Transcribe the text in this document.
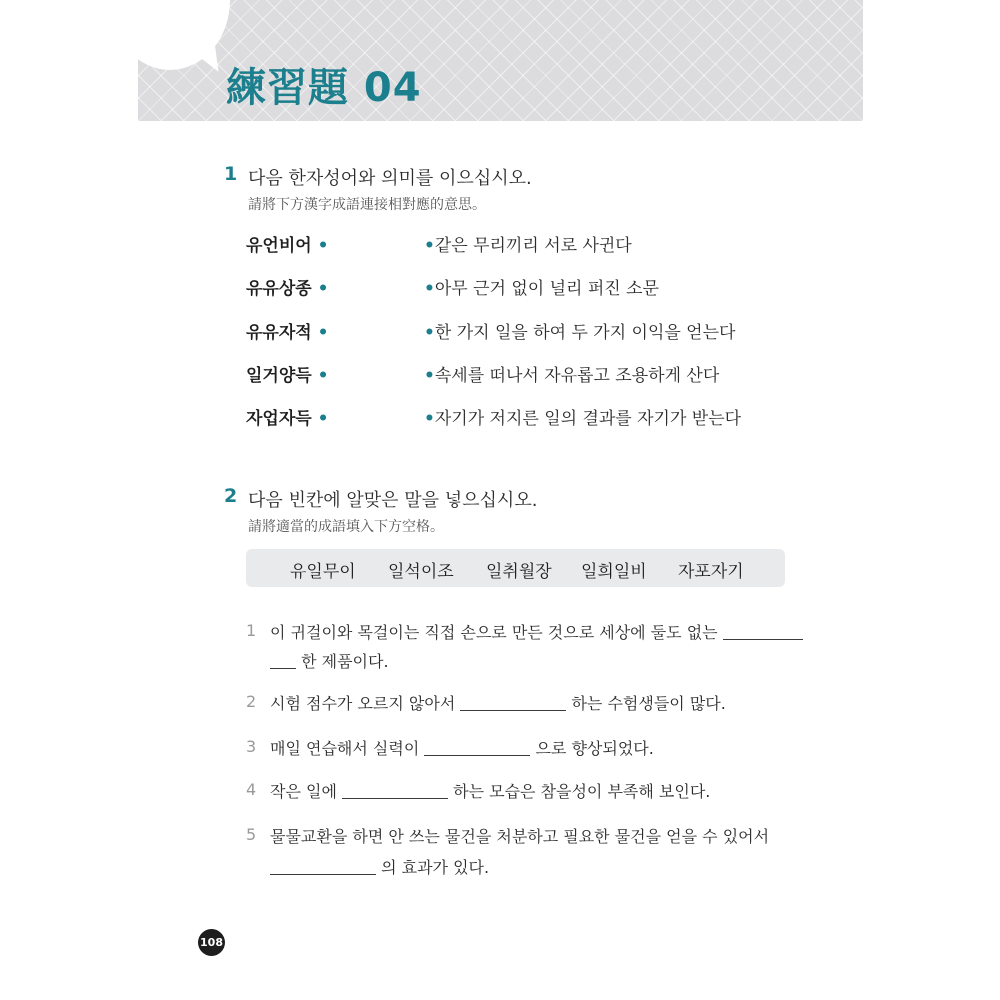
練習題 04
1 다음 한자성어와 의미를 이으십시오.
請將下方漢字成語連接相對應的意思。
유언비어 •	•같은 무리끼리 서로 사귄다
유유상종 •	•아무 근거 없이 널리 퍼진 소문
유유자적 •	•한 가지 일을 하여 두 가지 이익을 얻는다
일거양득 •	•속세를 떠나서 자유롭고 조용하게 산다
자업자득 •	•자기가 저지른 일의 결과를 자기가 받는다
2 다음 빈칸에 알맞은 말을 넣으십시오.
請將適當的成語填入下方空格。
유일무이 일석이조 일취월장 일희일비 자포자기
1 이 귀걸이와 목걸이는 직접 손으로 만든 것으로 세상에 둘도 없는
한 제품이다.
2 시험 점수가 오르지 않아서	하는 수험생들이 많다.
3 매일 연습해서 실력이	으로 향상되었다.
4 작은 일에	하는 모습은 참을성이 부족해 보인다.
5 물물교환을 하면 안 쓰는 물건을 처분하고 필요한 물건을 얻을 수 있어서
의 효과가 있다.
108
